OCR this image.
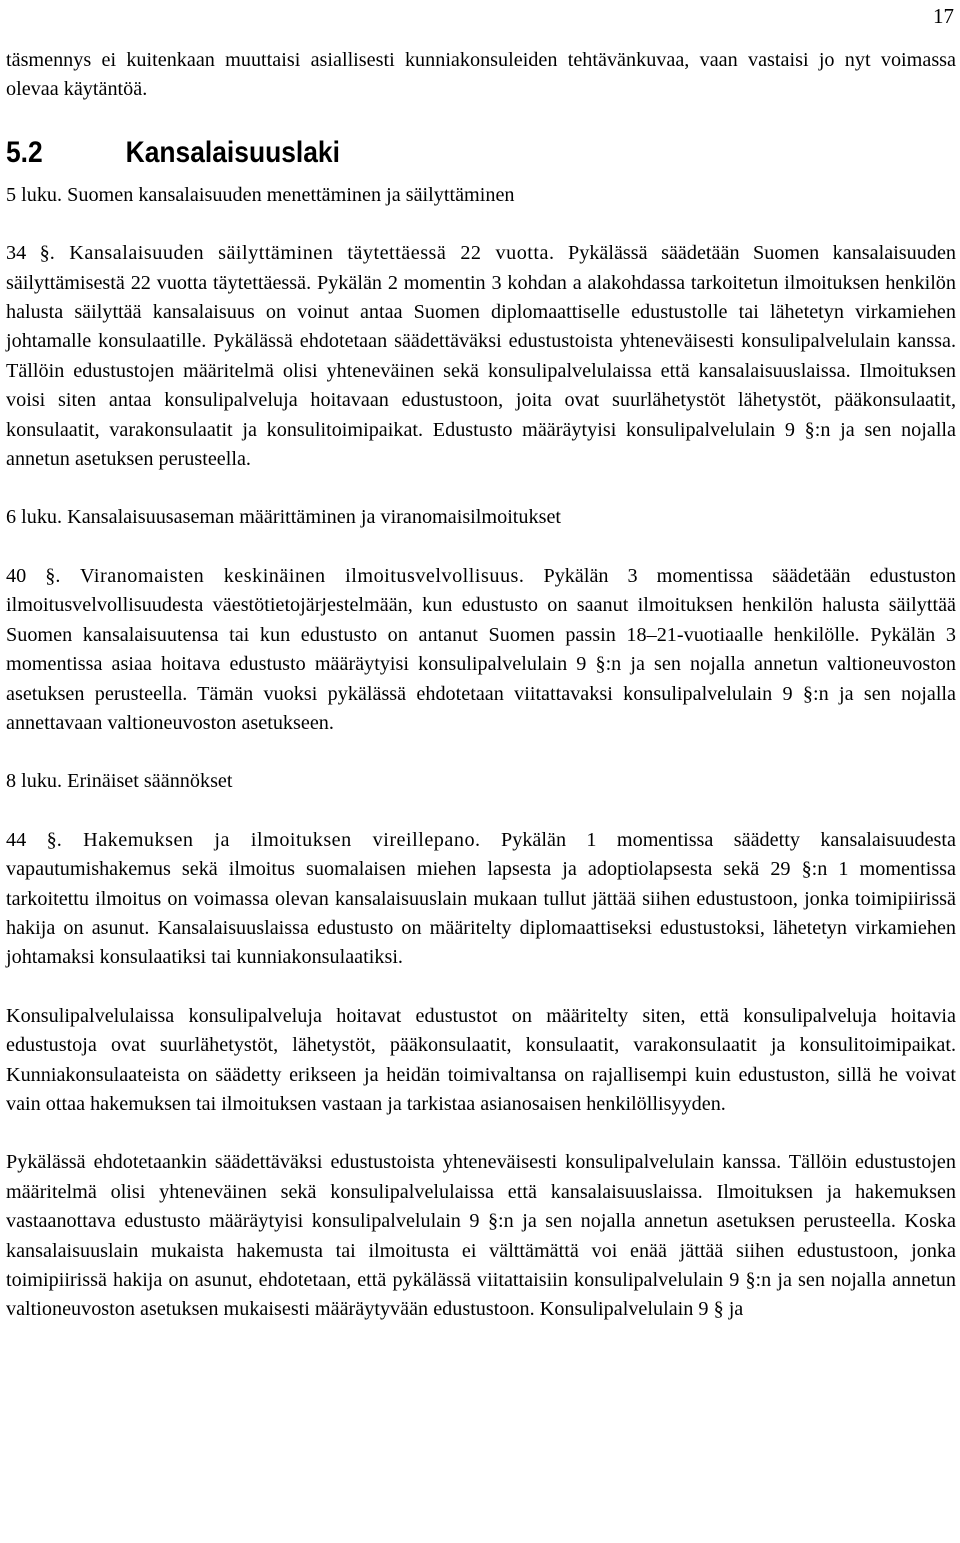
17

täsmennys ei kuitenkaan muuttaisi asiallisesti kunniakonsuleiden tehtävänkuvaa, vaan vastaisi jo nyt voimassa olevaa käytäntöä.

5.2	Kansalaisuuslaki

5 luku. Suomen kansalaisuuden menettäminen ja säilyttäminen

34 §. Kansalaisuuden säilyttäminen täytettäessä 22 vuotta. Pykälässä säädetään Suomen kansalaisuuden säilyttämisestä 22 vuotta täytettäessä. Pykälän 2 momentin 3 kohdan a alakohdassa tarkoitetun ilmoituksen henkilön halusta säilyttää kansalaisuus on voinut antaa Suomen diplomaattiselle edustustolle tai lähetetyn virkamiehen johtamalle konsulaatille. Pykälässä ehdotetaan säädettäväksi edustustoista yhteneväisesti konsulipalvelulain kanssa. Tällöin edustustojen määritelmä olisi yhteneväinen sekä konsulipalvelulaissa että kansalaisuuslaissa. Ilmoituksen voisi siten antaa konsulipalveluja hoitavaan edustustoon, joita ovat suurlähetystöt lähetystöt, pääkonsulaatit, konsulaatit, varakonsulaatit ja konsulitoimipaikat. Edustusto määräytyisi konsulipalvelulain 9 §:n ja sen nojalla annetun asetuksen perusteella.

6 luku. Kansalaisuusaseman määrittäminen ja viranomaisilmoitukset

40 §. Viranomaisten keskinäinen ilmoitusvelvollisuus. Pykälän 3 momentissa säädetään edustuston ilmoitusvelvollisuudesta väestötietojärjestelmään, kun edustusto on saanut ilmoituksen henkilön halusta säilyttää Suomen kansalaisuutensa tai kun edustusto on antanut Suomen passin 18–21-vuotiaalle henkilölle. Pykälän 3 momentissa asiaa hoitava edustusto määräytyisi konsulipalvelulain 9 §:n ja sen nojalla annetun valtioneuvoston asetuksen perusteella. Tämän vuoksi pykälässä ehdotetaan viitattavaksi konsulipalvelulain 9 §:n ja sen nojalla annettavaan valtioneuvoston asetukseen.

8 luku. Erinäiset säännökset

44 §. Hakemuksen ja ilmoituksen vireillepano. Pykälän 1 momentissa säädetty kansalaisuudesta vapautumishakemus sekä ilmoitus suomalaisen miehen lapsesta ja adoptiolapsesta sekä 29 §:n 1 momentissa tarkoitettu ilmoitus on voimassa olevan kansalaisuuslain mukaan tullut jättää siihen edustustoon, jonka toimipiirissä hakija on asunut. Kansalaisuuslaissa edustusto on määritelty diplomaattiseksi edustustoksi, lähetetyn virkamiehen johtamaksi konsulaatiksi tai kunniakonsulaatiksi.

Konsulipalvelulaissa konsulipalveluja hoitavat edustustot on määritelty siten, että konsulipalveluja hoitavia edustustoja ovat suurlähetystöt, lähetystöt, pääkonsulaatit, konsulaatit, varakonsulaatit ja konsulitoimipaikat. Kunniakonsulaateista on säädetty erikseen ja heidän toimivaltansa on rajallisempi kuin edustuston, sillä he voivat vain ottaa hakemuksen tai ilmoituksen vastaan ja tarkistaa asianosaisen henkilöllisyyden.

Pykälässä ehdotetaankin säädettäväksi edustustoista yhteneväisesti konsulipalvelulain kanssa. Tällöin edustustojen määritelmä olisi yhteneväinen sekä konsulipalvelulaissa että kansalaisuuslaissa. Ilmoituksen ja hakemuksen vastaanottava edustusto määräytyisi konsulipalvelulain 9 §:n ja sen nojalla annetun asetuksen perusteella. Koska kansalaisuuslain mukaista hakemusta tai ilmoitusta ei välttämättä voi enää jättää siihen edustustoon, jonka toimipiirissä hakija on asunut, ehdotetaan, että pykälässä viitattaisiin konsulipalvelulain 9 §:n ja sen nojalla annetun valtioneuvoston asetuksen mukaisesti määräytyvään edustustoon. Konsulipalvelulain 9 § ja
